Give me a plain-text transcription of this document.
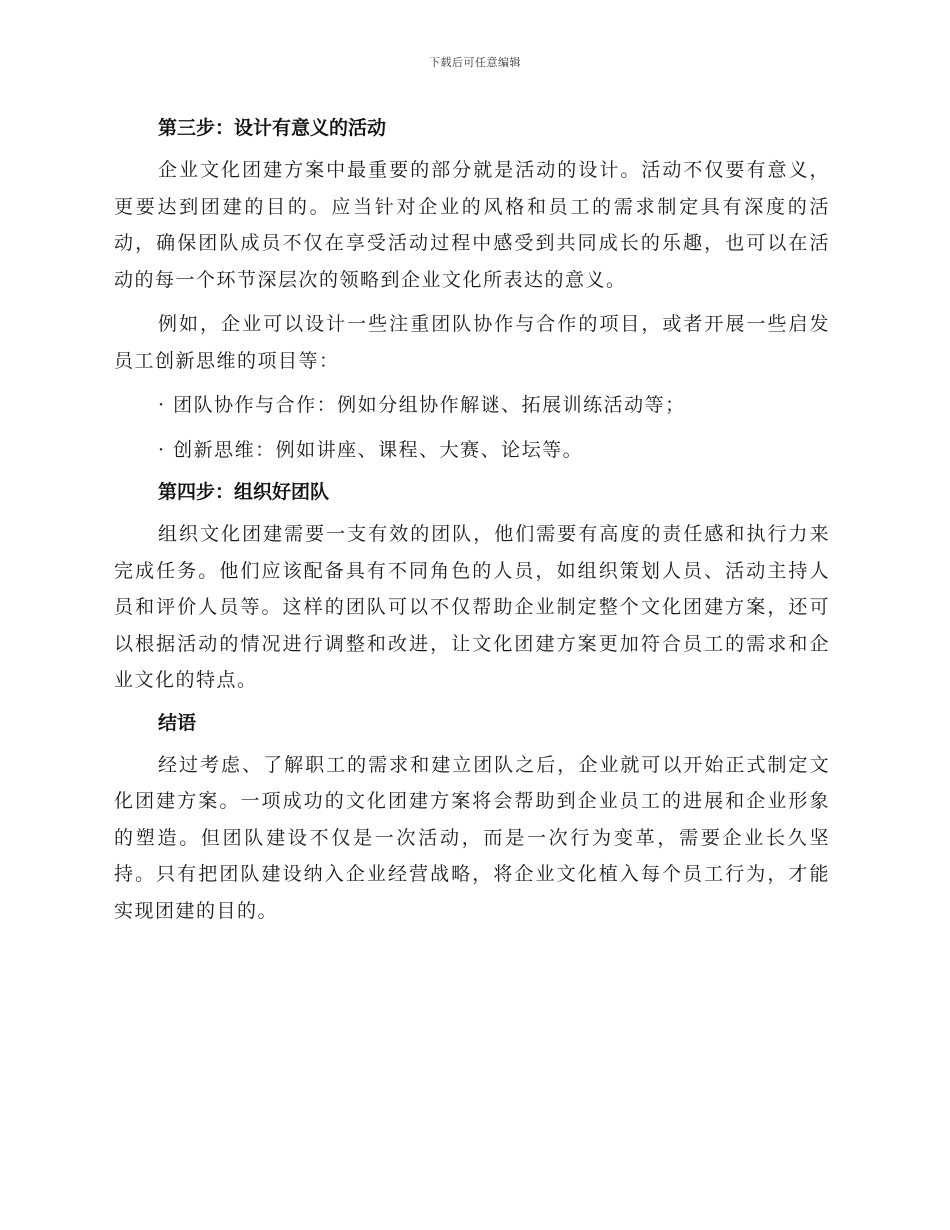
下载后可任意编辑
第三步：设计有意义的活动

企业文化团建方案中最重要的部分就是活动的设计。活动不仅要有意义，更要达到团建的目的。应当针对企业的风格和员工的需求制定具有深度的活动，确保团队成员不仅在享受活动过程中感受到共同成长的乐趣，也可以在活动的每一个环节深层次的领略到企业文化所表达的意义。

例如，企业可以设计一些注重团队协作与合作的项目，或者开展一些启发员工创新思维的项目等：

· 团队协作与合作：例如分组协作解谜、拓展训练活动等；

· 创新思维：例如讲座、课程、大赛、论坛等。

第四步：组织好团队

组织文化团建需要一支有效的团队，他们需要有高度的责任感和执行力来完成任务。他们应该配备具有不同角色的人员，如组织策划人员、活动主持人员和评价人员等。这样的团队可以不仅帮助企业制定整个文化团建方案，还可以根据活动的情况进行调整和改进，让文化团建方案更加符合员工的需求和企业文化的特点。

结语

经过考虑、了解职工的需求和建立团队之后，企业就可以开始正式制定文化团建方案。一项成功的文化团建方案将会帮助到企业员工的进展和企业形象的塑造。但团队建设不仅是一次活动，而是一次行为变革，需要企业长久坚持。只有把团队建设纳入企业经营战略，将企业文化植入每个员工行为，才能实现团建的目的。
